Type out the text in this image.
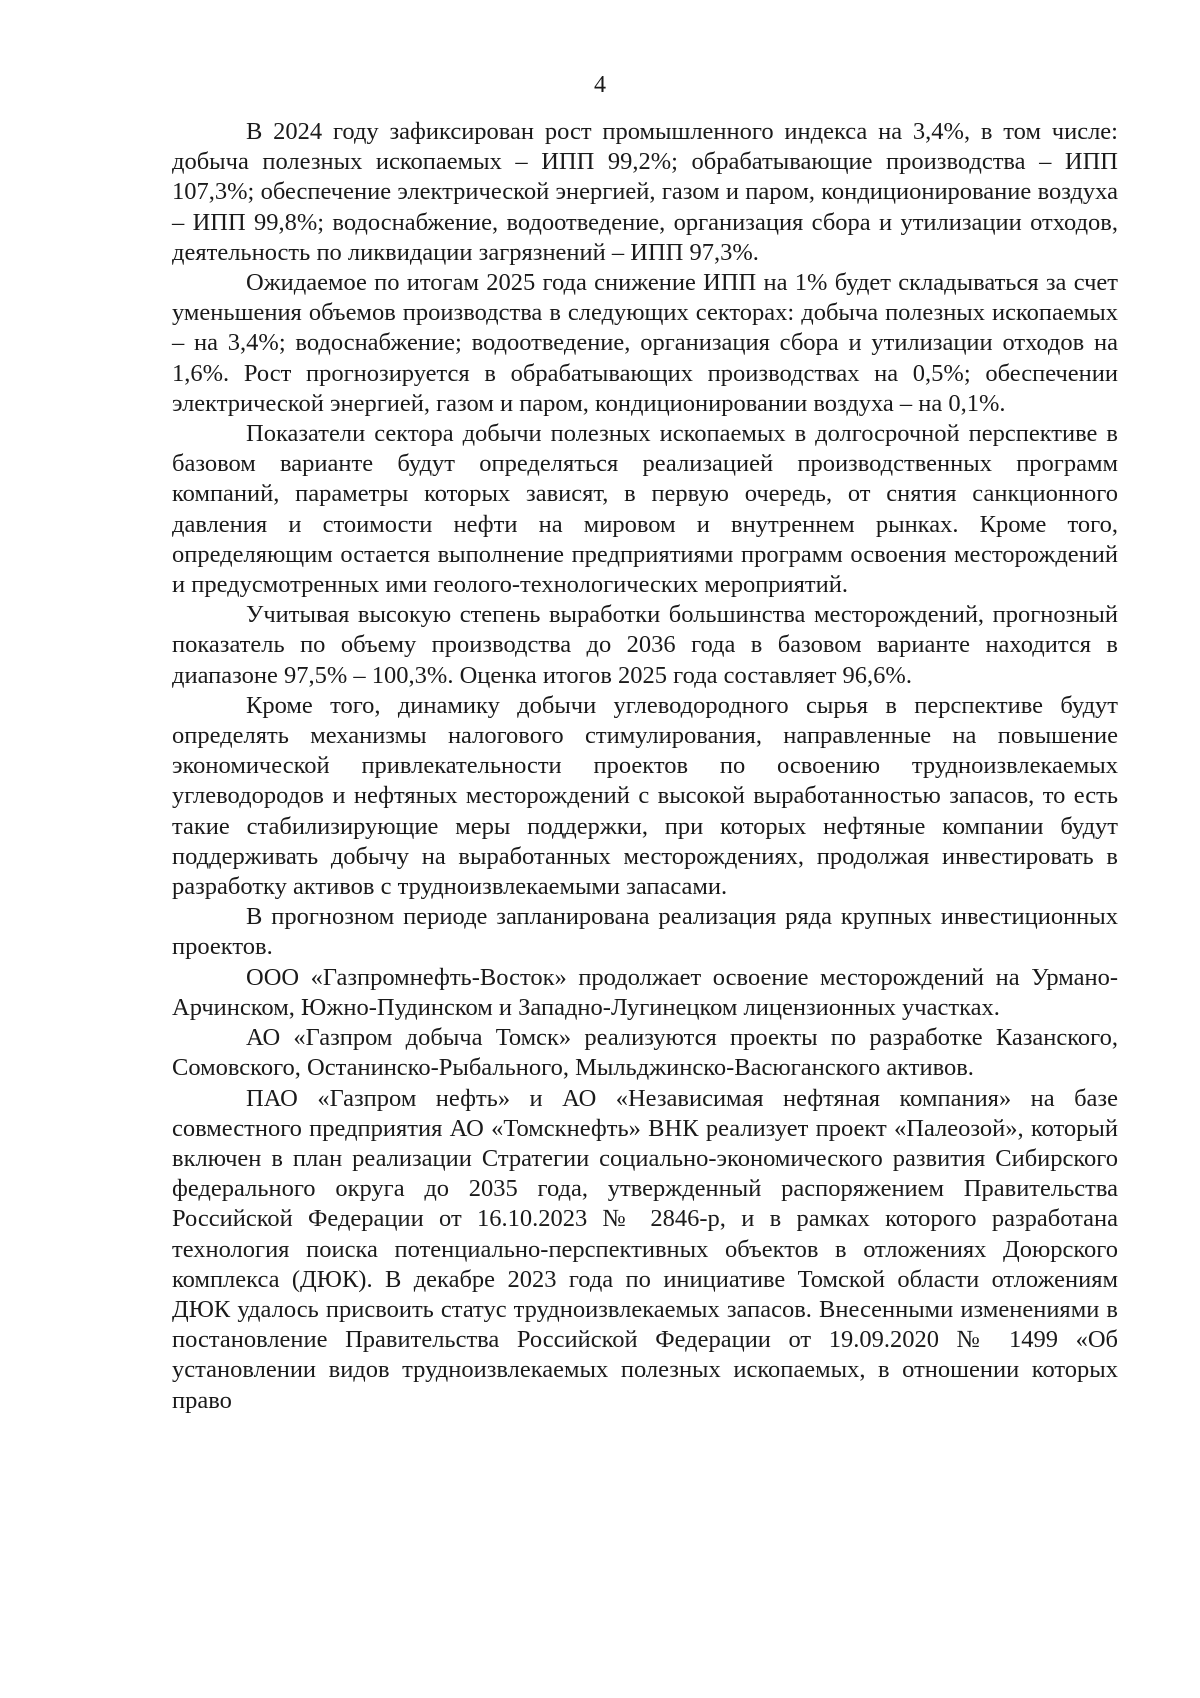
4

В 2024 году зафиксирован рост промышленного индекса на 3,4%, в том числе: добыча полезных ископаемых – ИПП 99,2%; обрабатывающие производства – ИПП 107,3%; обеспечение электрической энергией, газом и паром, кондиционирование воздуха – ИПП 99,8%; водоснабжение, водоотведение, организация сбора и утилизации отходов, деятельность по ликвидации загрязнений – ИПП 97,3%.

Ожидаемое по итогам 2025 года снижение ИПП на 1% будет складываться за счет уменьшения объемов производства в следующих секторах: добыча полезных ископаемых – на 3,4%; водоснабжение; водоотведение, организация сбора и утилизации отходов на 1,6%. Рост прогнозируется в обрабатывающих производствах на 0,5%; обеспечении электрической энергией, газом и паром, кондиционировании воздуха – на 0,1%.

Показатели сектора добычи полезных ископаемых в долгосрочной перспективе в базовом варианте будут определяться реализацией производственных программ компаний, параметры которых зависят, в первую очередь, от снятия санкционного давления и стоимости нефти на мировом и внутреннем рынках. Кроме того, определяющим остается выполнение предприятиями программ освоения месторождений и предусмотренных ими геолого-технологических мероприятий.

Учитывая высокую степень выработки большинства месторождений, прогнозный показатель по объему производства до 2036 года в базовом варианте находится в диапазоне 97,5% – 100,3%. Оценка итогов 2025 года составляет 96,6%.

Кроме того, динамику добычи углеводородного сырья в перспективе будут определять механизмы налогового стимулирования, направленные на повышение экономической привлекательности проектов по освоению трудноизвлекаемых углеводородов и нефтяных месторождений с высокой выработанностью запасов, то есть такие стабилизирующие меры поддержки, при которых нефтяные компании будут поддерживать добычу на выработанных месторождениях, продолжая инвестировать в разработку активов с трудноизвлекаемыми запасами.

В прогнозном периоде запланирована реализация ряда крупных инвестиционных проектов.

ООО «Газпромнефть-Восток» продолжает освоение месторождений на Урмано-Арчинском, Южно-Пудинском и Западно-Лугинецком лицензионных участках.

АО «Газпром добыча Томск» реализуются проекты по разработке Казанского, Сомовского, Останинско-Рыбального, Мыльджинско-Васюганского активов.

ПАО «Газпром нефть» и АО «Независимая нефтяная компания» на базе совместного предприятия АО «Томскнефть» ВНК реализует проект «Палеозой», который включен в план реализации Стратегии социально-экономического развития Сибирского федерального округа до 2035 года, утвержденный распоряжением Правительства Российской Федерации от 16.10.2023 № 2846-р, и в рамках которого разработана технология поиска потенциально-перспективных объектов в отложениях Доюрского комплекса (ДЮК). В декабре 2023 года по инициативе Томской области отложениям ДЮК удалось присвоить статус трудноизвлекаемых запасов. Внесенными изменениями в постановление Правительства Российской Федерации от 19.09.2020 № 1499 «Об установлении видов трудноизвлекаемых полезных ископаемых, в отношении которых право
